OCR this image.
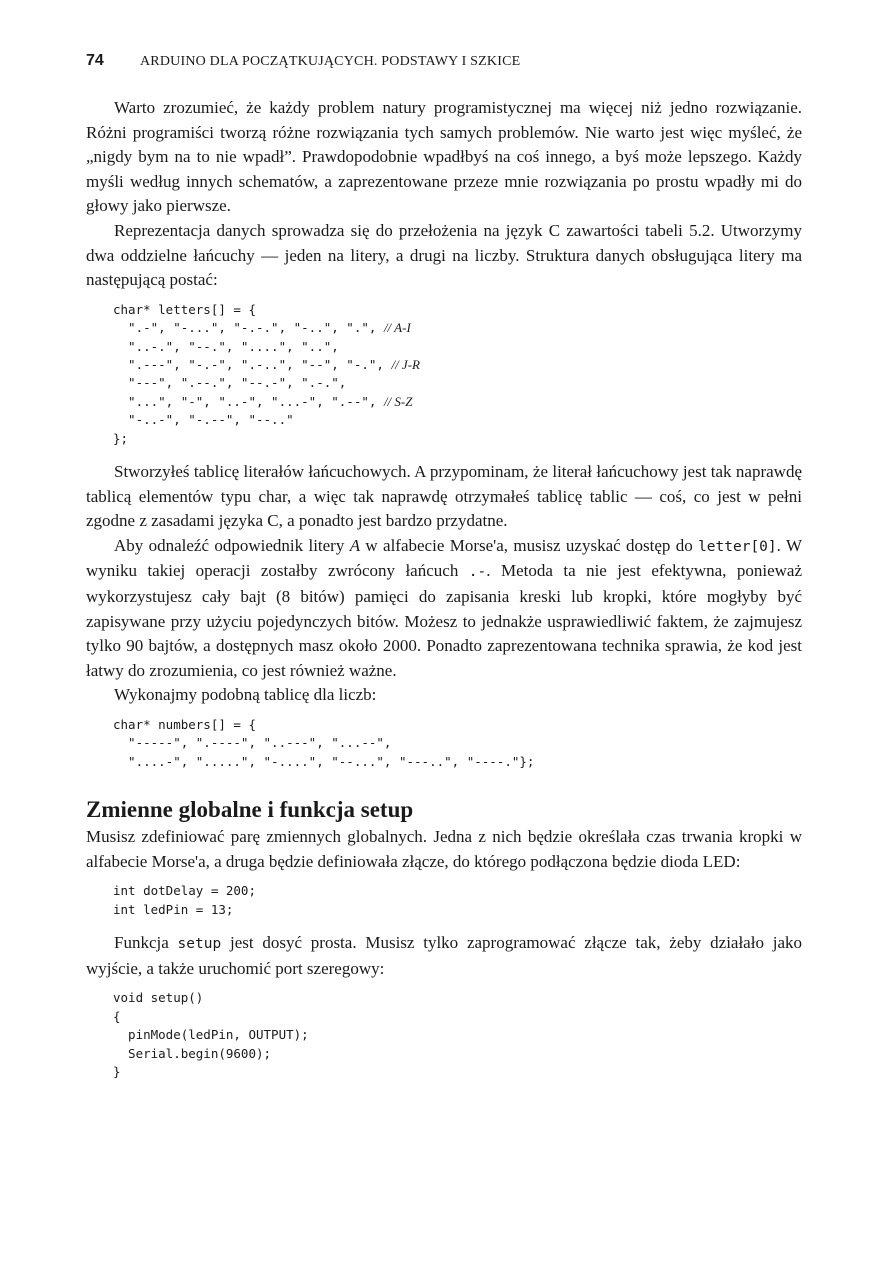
74	ARDUINO DLA POCZĄTKUJĄCYCH. PODSTAWY I SZKICE

Warto zrozumieć, że każdy problem natury programistycznej ma więcej niż jedno rozwiązanie. Różni programiści tworzą różne rozwiązania tych samych problemów. Nie warto jest więc myśleć, że „nigdy bym na to nie wpadł”. Prawdopodobnie wpadłbyś na coś innego, a byś może lepszego. Każdy myśli według innych schematów, a zaprezentowane przeze mnie rozwiązania po prostu wpadły mi do głowy jako pierwsze.

Reprezentacja danych sprowadza się do przełożenia na język C zawartości tabeli 5.2. Utworzymy dwa oddzielne łańcuchy — jeden na litery, a drugi na liczby. Struktura danych obsługująca litery ma następującą postać:

char* letters[] = {
".-", "-...", "-.-.", "-..", ".", // A-I
"..-.", "--.", "....", "..",
".---", "-.-", ".-..", "--", "-.", // J-R
"---", ".--.", "--.-", ".-.",
"...", "-", "..-", "...-", ".--", // S-Z
"-..-", "-.--", "--.."
};

Stworzyłeś tablicę literałów łańcuchowych. A przypominam, że literał łańcuchowy jest tak naprawdę tablicą elementów typu char, a więc tak naprawdę otrzymałeś tablicę tablic — coś, co jest w pełni zgodne z zasadami języka C, a ponadto jest bardzo przydatne.

Aby odnaleźć odpowiednik litery A w alfabecie Morse'a, musisz uzyskać dostęp do letter[0]. W wyniku takiej operacji zostałby zwrócony łańcuch .-. Metoda ta nie jest efektywna, ponieważ wykorzystujesz cały bajt (8 bitów) pamięci do zapisania kreski lub kropki, które mogłyby być zapisywane przy użyciu pojedynczych bitów. Możesz to jednakże usprawiedliwić faktem, że zajmujesz tylko 90 bajtów, a dostępnych masz około 2000. Ponadto zaprezentowana technika sprawia, że kod jest łatwy do zrozumienia, co jest również ważne.

Wykonajmy podobną tablicę dla liczb:

char* numbers[] = {
"-----", ".----", "..---", "...--",
"....-", ".....", "-....", "--...", "---..", "----."};
Zmienne globalne i funkcja setup

Musisz zdefiniować parę zmiennych globalnych. Jedna z nich będzie określała czas trwania kropki w alfabecie Morse'a, a druga będzie definiowała złącze, do którego podłączona będzie dioda LED:

int dotDelay = 200;
int ledPin = 13;

Funkcja setup jest dosyć prosta. Musisz tylko zaprogramować złącze tak, żeby działało jako wyjście, a także uruchomić port szeregowy:

void setup()
{
pinMode(ledPin, OUTPUT);
Serial.begin(9600);
}
